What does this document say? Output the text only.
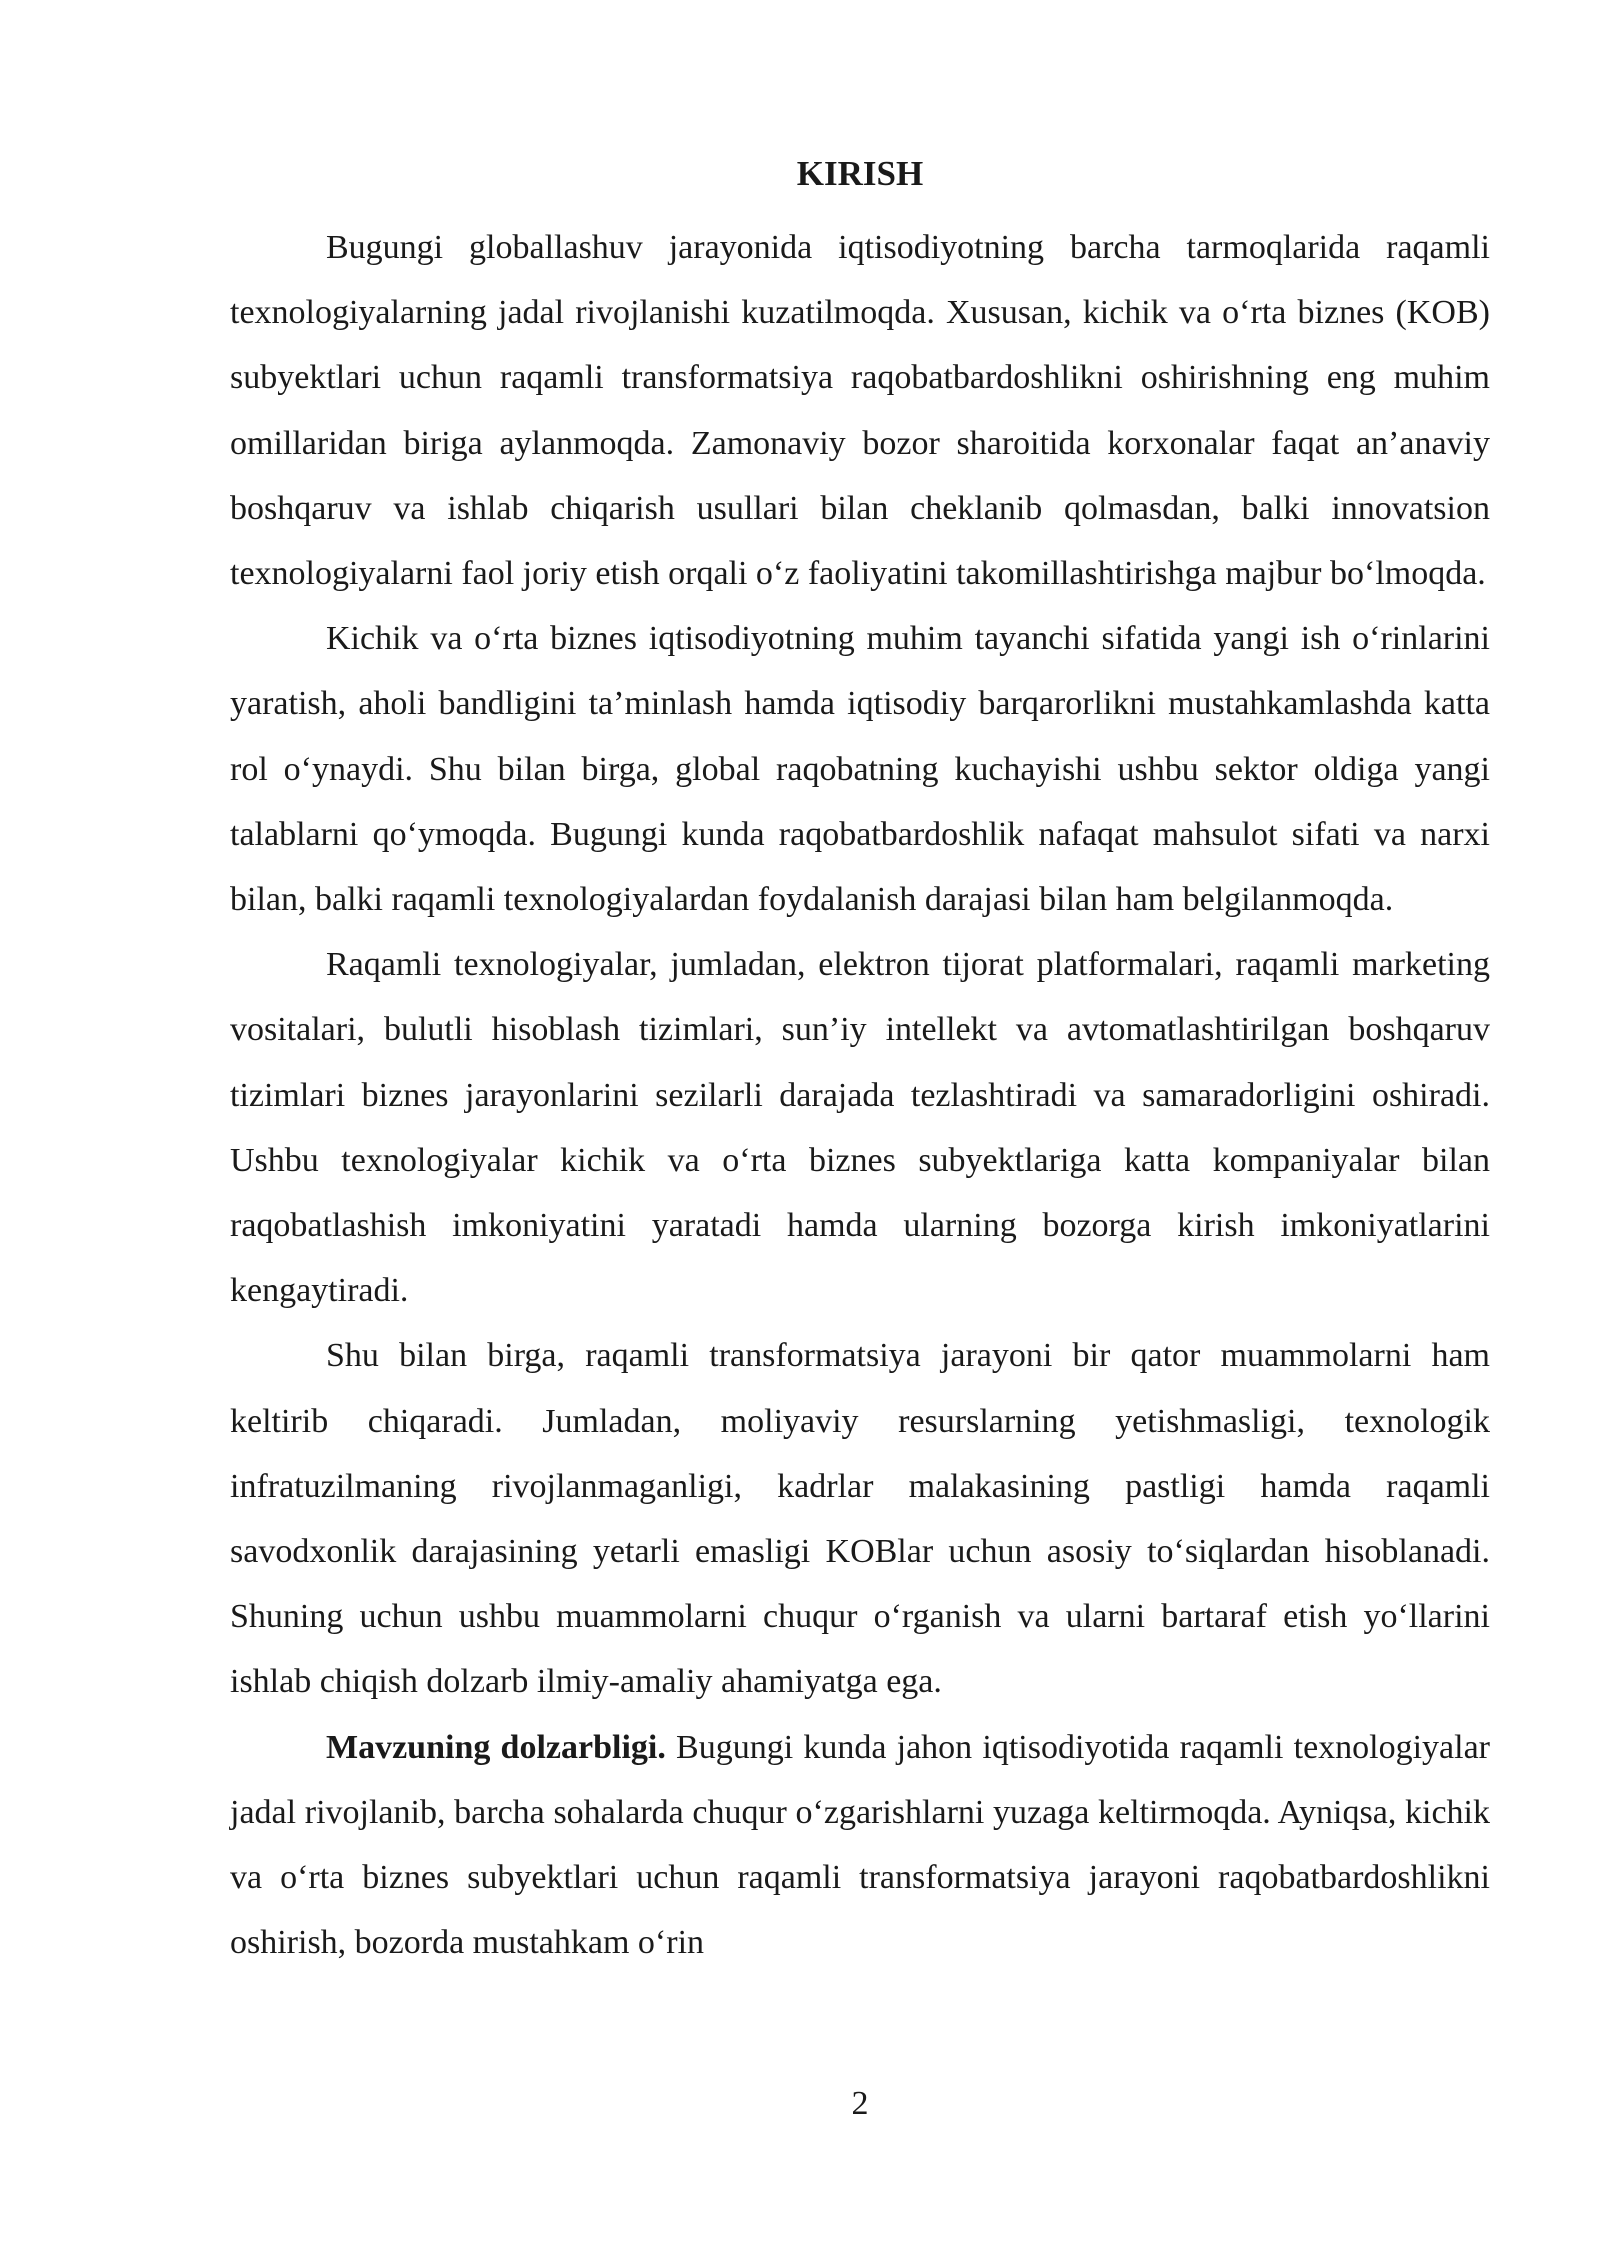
KIRISH

Bugungi globallashuv jarayonida iqtisodiyotning barcha tarmoqlarida raqamli texnologiyalarning jadal rivojlanishi kuzatilmoqda. Xususan, kichik va o‘rta biznes (KOB) subyektlari uchun raqamli transformatsiya raqobatbardoshlikni oshirishning eng muhim omillaridan biriga aylanmoqda. Zamonaviy bozor sharoitida korxonalar faqat an’anaviy boshqaruv va ishlab chiqarish usullari bilan cheklanib qolmasdan, balki innovatsion texnologiyalarni faol joriy etish orqali o‘z faoliyatini takomillashtirishga majbur bo‘lmoqda.

Kichik va o‘rta biznes iqtisodiyotning muhim tayanchi sifatida yangi ish o‘rinlarini yaratish, aholi bandligini ta’minlash hamda iqtisodiy barqarorlikni mustahkamlashda katta rol o‘ynaydi. Shu bilan birga, global raqobatning kuchayishi ushbu sektor oldiga yangi talablarni qo‘ymoqda. Bugungi kunda raqobatbardoshlik nafaqat mahsulot sifati va narxi bilan, balki raqamli texnologiyalardan foydalanish darajasi bilan ham belgilanmoqda.

Raqamli texnologiyalar, jumladan, elektron tijorat platformalari, raqamli marketing vositalari, bulutli hisoblash tizimlari, sun’iy intellekt va avtomatlashtirilgan boshqaruv tizimlari biznes jarayonlarini sezilarli darajada tezlashtiradi va samaradorligini oshiradi. Ushbu texnologiyalar kichik va o‘rta biznes subyektlariga katta kompaniyalar bilan raqobatlashish imkoniyatini yaratadi hamda ularning bozorga kirish imkoniyatlarini kengaytiradi.

Shu bilan birga, raqamli transformatsiya jarayoni bir qator muammolarni ham keltirib chiqaradi. Jumladan, moliyaviy resurslarning yetishmasligi, texnologik infratuzilmaning rivojlanmaganligi, kadrlar malakasining pastligi hamda raqamli savodxonlik darajasining yetarli emasligi KOBlar uchun asosiy to‘siqlardan hisoblanadi. Shuning uchun ushbu muammolarni chuqur o‘rganish va ularni bartaraf etish yo‘llarini ishlab chiqish dolzarb ilmiy-amaliy ahamiyatga ega.

Mavzuning dolzarbligi. Bugungi kunda jahon iqtisodiyotida raqamli texnologiyalar jadal rivojlanib, barcha sohalarda chuqur o‘zgarishlarni yuzaga keltirmoqda. Ayniqsa, kichik va o‘rta biznes subyektlari uchun raqamli transformatsiya jarayoni raqobatbardoshlikni oshirish, bozorda mustahkam o‘rin

2
